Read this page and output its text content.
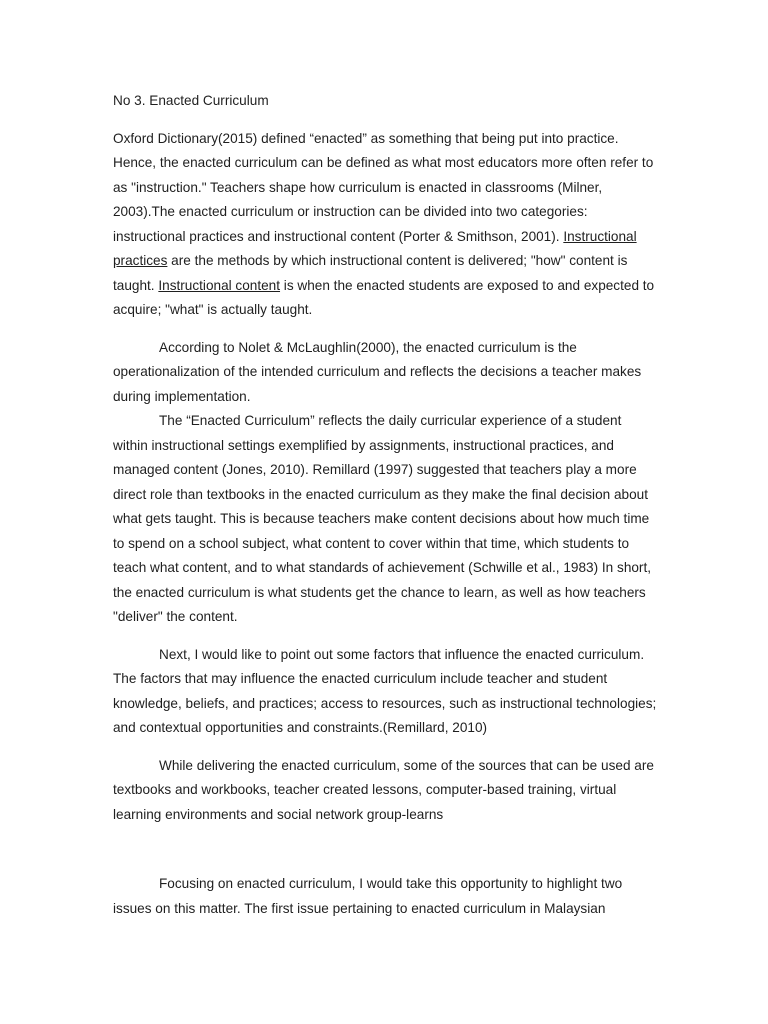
No 3. Enacted Curriculum

Oxford Dictionary(2015) defined “enacted” as something that being put into practice. Hence, the enacted curriculum can be defined as what most educators more often refer to as "instruction." Teachers shape how curriculum is enacted in classrooms (Milner, 2003).The enacted curriculum or instruction can be divided into two categories: instructional practices and instructional content (Porter & Smithson, 2001). Instructional practices are the methods by which instructional content is delivered; "how" content is taught. Instructional content is when the enacted students are exposed to and expected to acquire; "what" is actually taught.

According to Nolet & McLaughlin(2000), the enacted curriculum is the operationalization of the intended curriculum and reflects the decisions a teacher makes during implementation.

The “Enacted Curriculum” reflects the daily curricular experience of a student within instructional settings exemplified by assignments, instructional practices, and managed content (Jones, 2010). Remillard (1997) suggested that teachers play a more direct role than textbooks in the enacted curriculum as they make the final decision about what gets taught. This is because teachers make content decisions about how much time to spend on a school subject, what content to cover within that time, which students to teach what content, and to what standards of achievement (Schwille et al., 1983) In short, the enacted curriculum is what students get the chance to learn, as well as how teachers "deliver" the content.

Next, I would like to point out some factors that influence the enacted curriculum. The factors that may influence the enacted curriculum include teacher and student knowledge, beliefs, and practices; access to resources, such as instructional technologies; and contextual opportunities and constraints.(Remillard, 2010)

While delivering the enacted curriculum, some of the sources that can be used are textbooks and workbooks, teacher created lessons, computer-based training, virtual learning environments and social network group-learns

Focusing on enacted curriculum, I would take this opportunity to highlight two issues on this matter. The first issue pertaining to enacted curriculum in Malaysian
